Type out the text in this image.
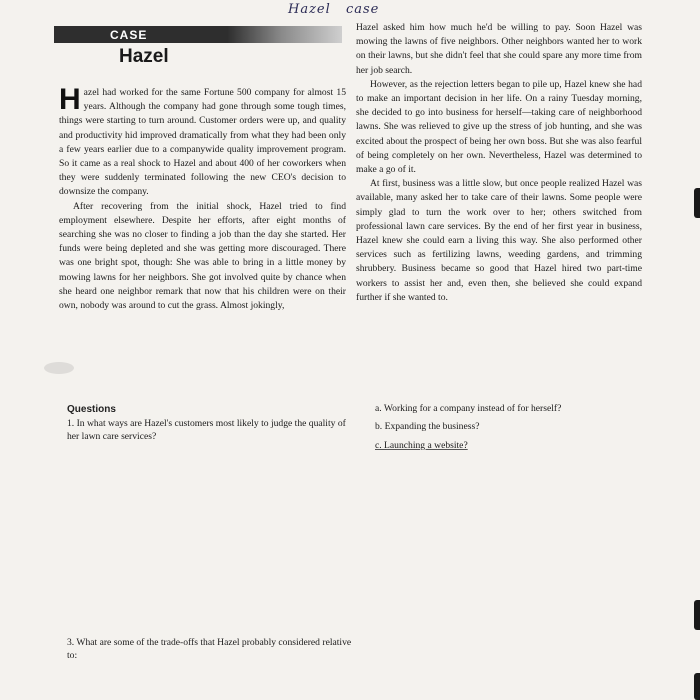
Hazel case
CASE
Hazel

Hazel had worked for the same Fortune 500 company for almost 15 years. Although the company had gone through some tough times, things were starting to turn around. Customer orders were up, and quality and productivity hid improved dramatically from what they had been only a few years earlier due to a companywide quality improvement program. So it came as a real shock to Hazel and about 400 of her coworkers when they were suddenly terminated following the new CEO's decision to downsize the company.

After recovering from the initial shock, Hazel tried to find employment elsewhere. Despite her efforts, after eight months of searching she was no closer to finding a job than the day she started. Her funds were being depleted and she was getting more discouraged. There was one bright spot, though: She was able to bring in a little money by mowing lawns for her neighbors. She got involved quite by chance when she heard one neighbor remark that now that his children were on their own, nobody was around to cut the grass. Almost jokingly,

Hazel asked him how much he'd be willing to pay. Soon Hazel was mowing the lawns of five neighbors. Other neighbors wanted her to work on their lawns, but she didn't feel that she could spare any more time from her job search.

However, as the rejection letters began to pile up, Hazel knew she had to make an important decision in her life. On a rainy Tuesday morning, she decided to go into business for herself—taking care of neighborhood lawns. She was relieved to give up the stress of job hunting, and she was excited about the prospect of being her own boss. But she was also fearful of being completely on her own. Nevertheless, Hazel was determined to make a go of it.

At first, business was a little slow, but once people realized Hazel was available, many asked her to take care of their lawns. Some people were simply glad to turn the work over to her; others switched from professional lawn care services. By the end of her first year in business, Hazel knew she could earn a living this way. She also performed other services such as fertilizing lawns, weeding gardens, and trimming shrubbery. Business became so good that Hazel hired two part-time workers to assist her and, even then, she believed she could expand further if she wanted to.

Questions
1. In what ways are Hazel's customers most likely to judge the quality of her lawn care services?
a. Working for a company instead of for herself?
b. Expanding the business?
c. Launching a website?
3. What are some of the trade-offs that Hazel probably considered relative to:
